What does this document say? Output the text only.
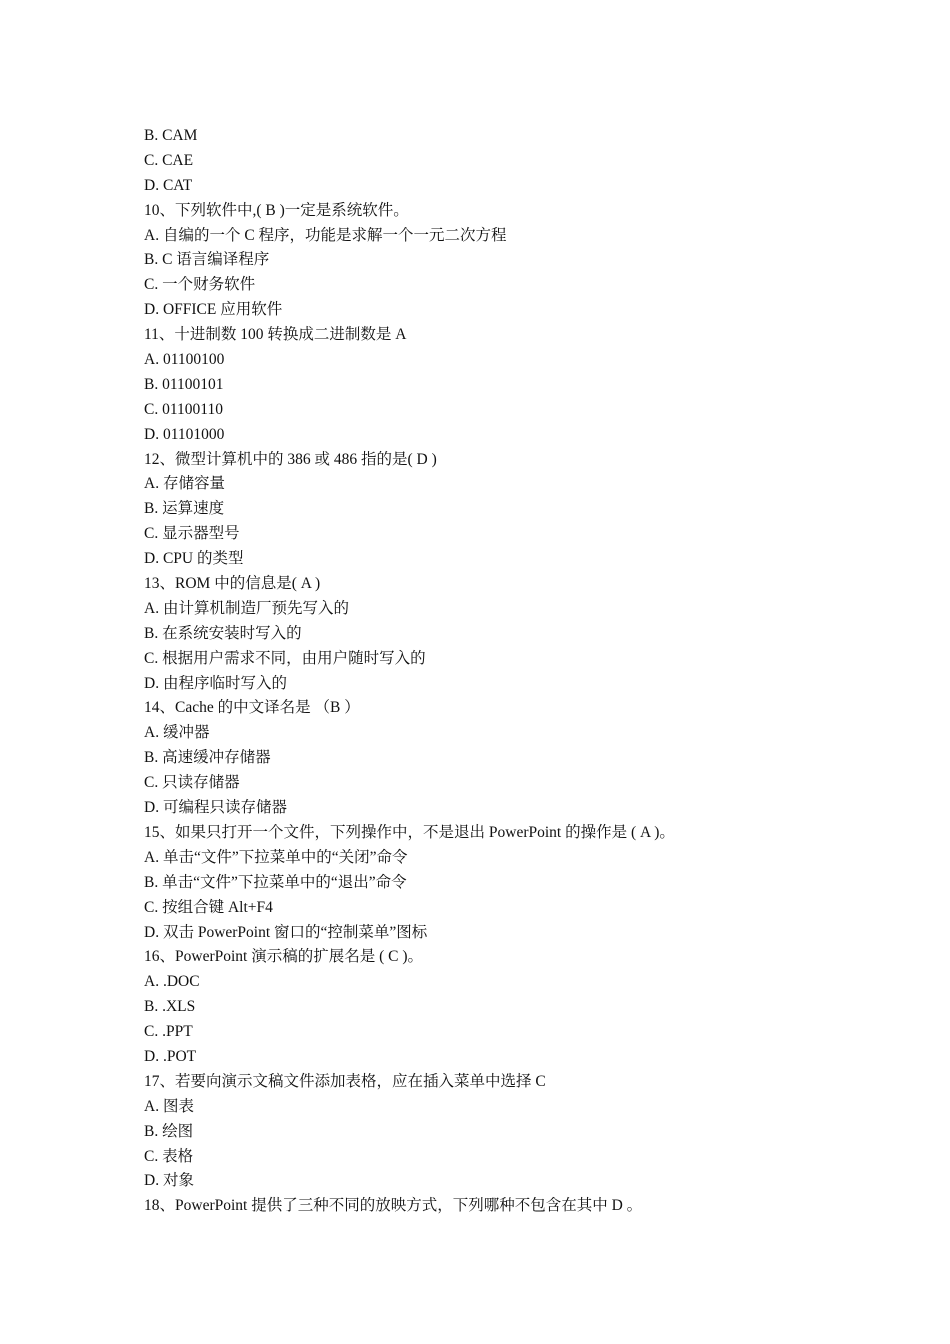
B. CAM
C. CAE
D. CAT
10、下列软件中,( B )一定是系统软件。
A. 自编的一个 C 程序，功能是求解一个一元二次方程
B. C 语言编译程序
C. 一个财务软件
D. OFFICE 应用软件
11、十进制数 100 转换成二进制数是 A
A. 01100100
B. 01100101
C. 01100110
D. 01101000
12、微型计算机中的 386 或 486 指的是( D )
A. 存储容量
B. 运算速度
C. 显示器型号
D. CPU 的类型
13、ROM 中的信息是( A )
A. 由计算机制造厂预先写入的
B. 在系统安装时写入的
C. 根据用户需求不同，由用户随时写入的
D. 由程序临时写入的
14、Cache 的中文译名是 （B ）
A. 缓冲器
B. 高速缓冲存储器
C. 只读存储器
D. 可编程只读存储器
15、如果只打开一个文件，下列操作中，不是退出 PowerPoint 的操作是 ( A )。
A. 单击“文件”下拉菜单中的“关闭”命令
B. 单击“文件”下拉菜单中的“退出”命令
C. 按组合键 Alt+F4
D. 双击 PowerPoint 窗口的“控制菜单”图标
16、PowerPoint 演示稿的扩展名是 ( C )。
A. .DOC
B. .XLS
C. .PPT
D. .POT
17、若要向演示文稿文件添加表格，应在插入菜单中选择 C
A. 图表
B. 绘图
C. 表格
D. 对象
18、PowerPoint 提供了三种不同的放映方式，下列哪种不包含在其中 D 。
